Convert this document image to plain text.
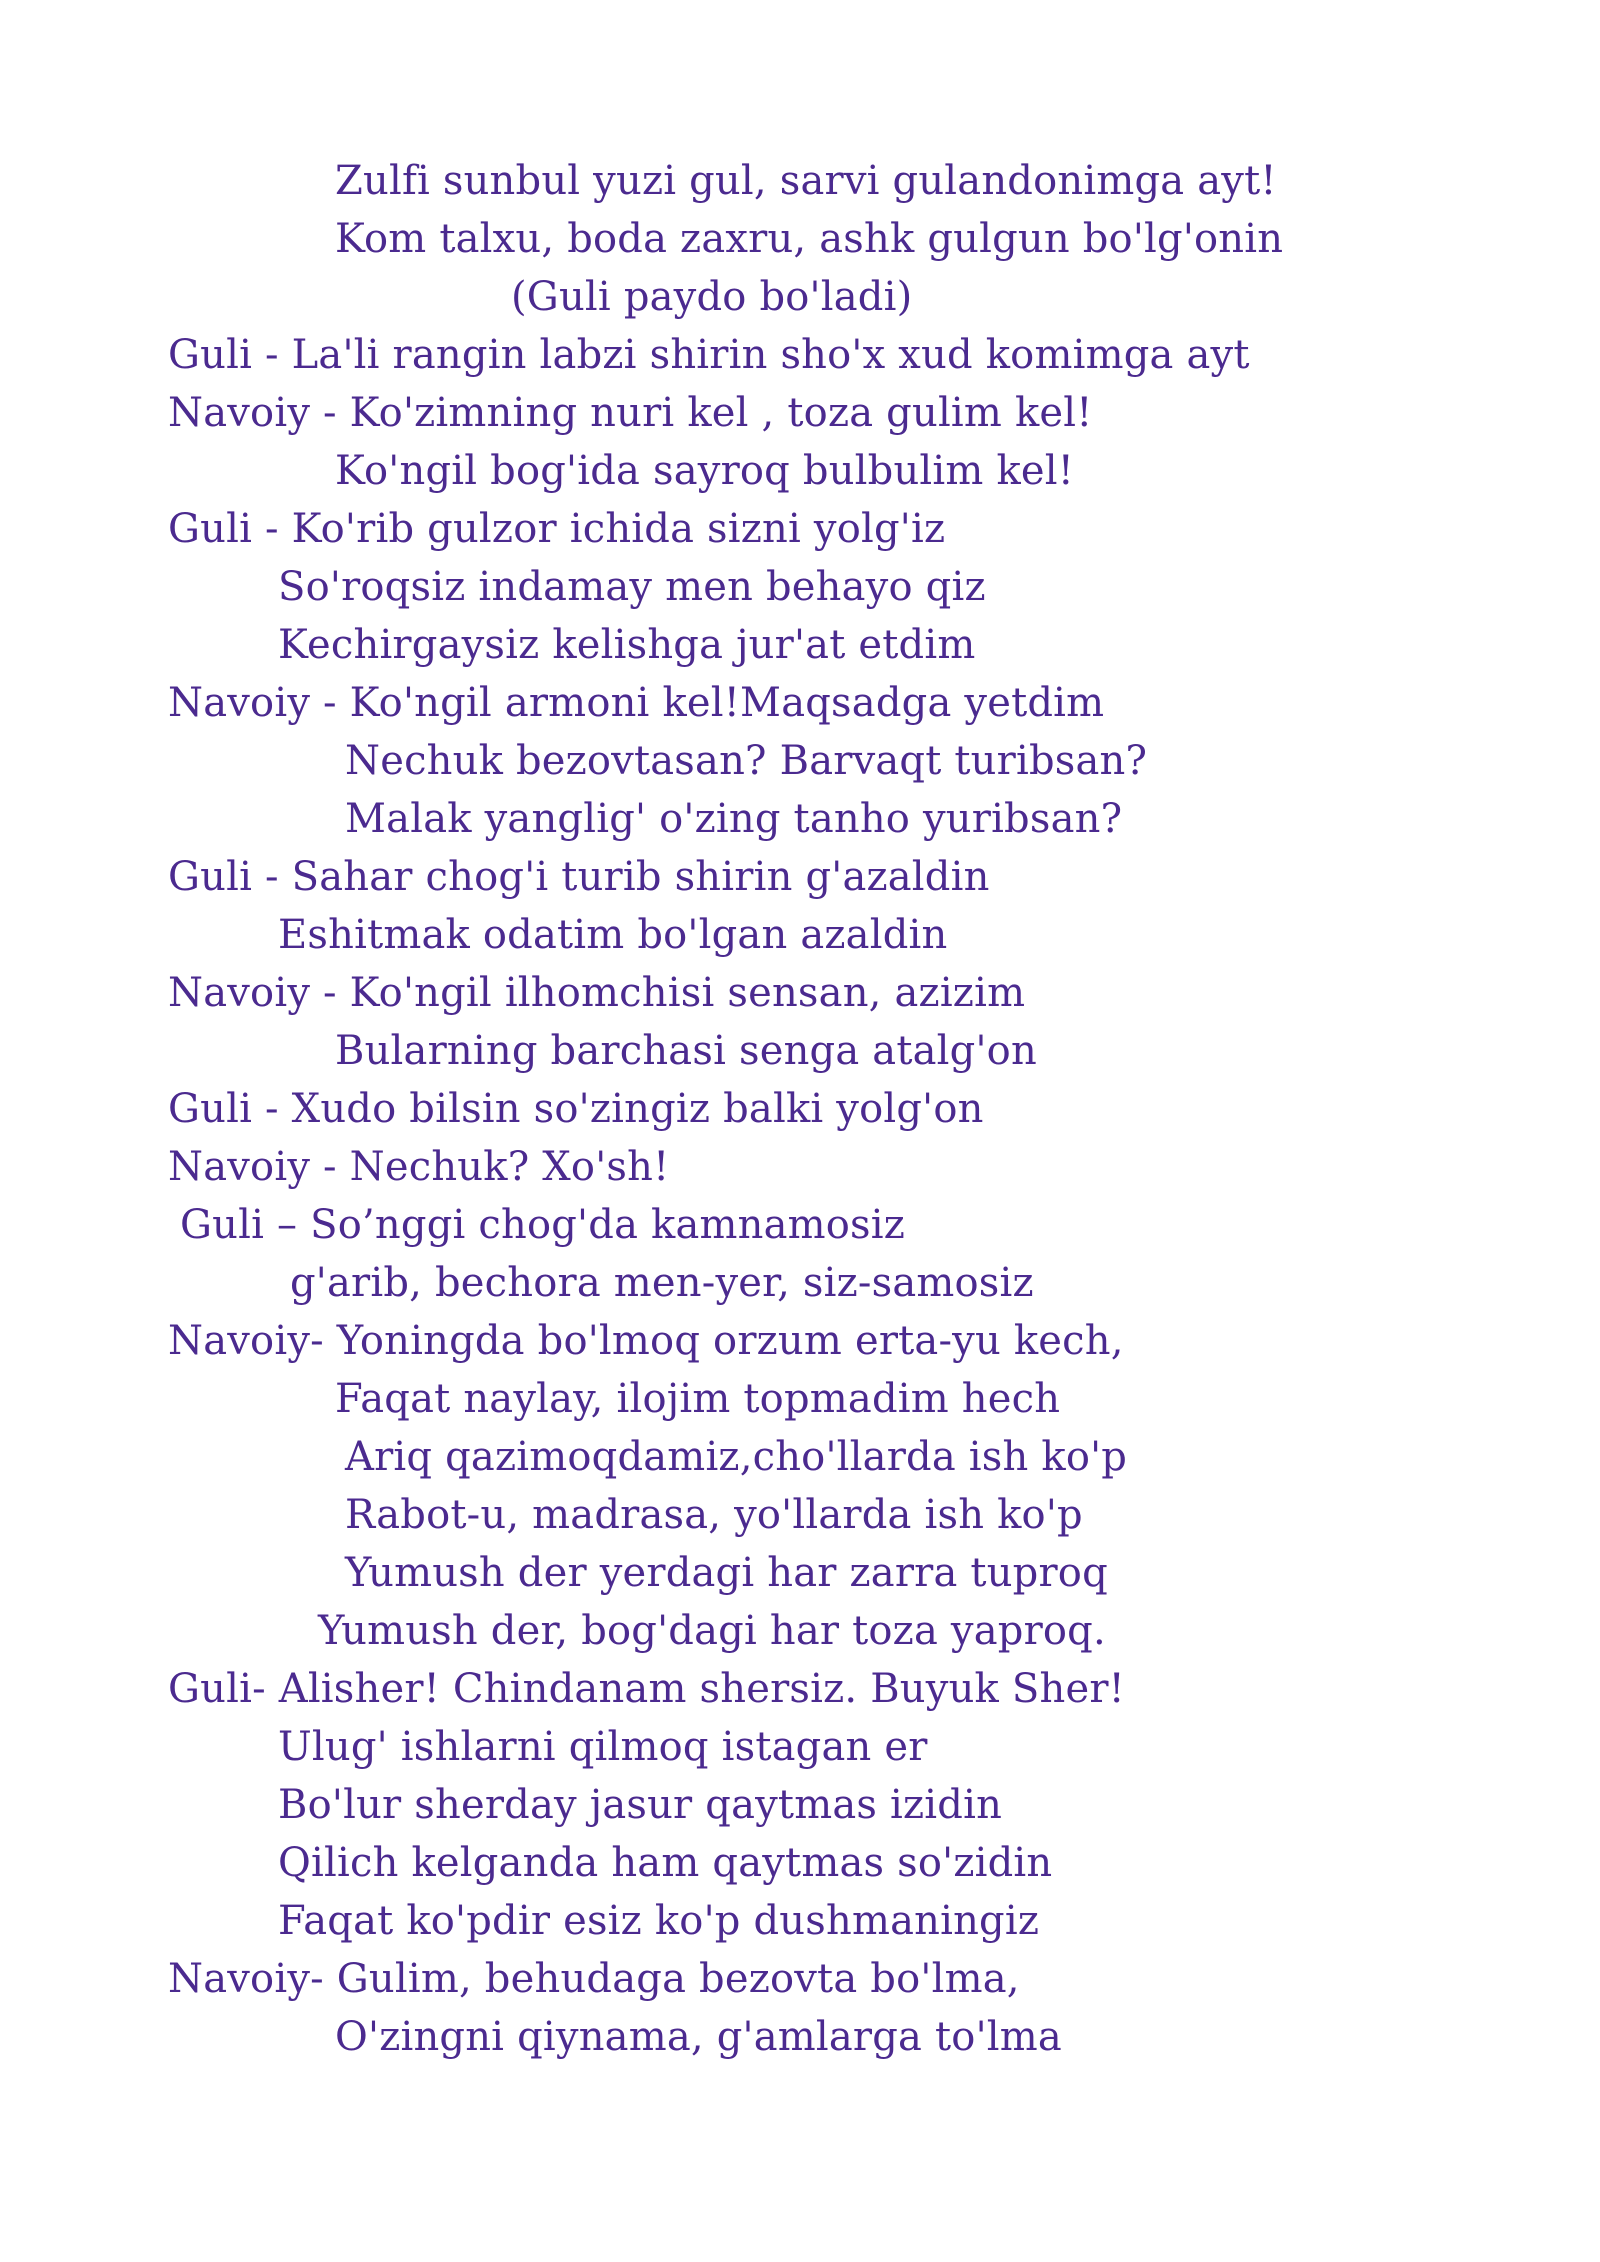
Zulfi sunbul yuzi gul, sarvi gulandonimga ayt!
Kom talxu, boda zaxru, ashk gulgun bo'lg'onin
(Guli paydo bo'ladi)
Guli - La'li rangin labzi shirin sho'x xud komimga ayt
Navoiy - Ko'zimning nuri kel , toza gulim kel!
Ko'ngil bog'ida sayroq bulbulim kel!
Guli - Ko'rib gulzor ichida sizni yolg'iz
So'roqsiz indamay men behayo qiz
Kechirgaysiz kelishga jur'at etdim
Navoiy - Ko'ngil armoni kel!Maqsadga yetdim
Nechuk bezovtasan? Barvaqt turibsan?
Malak yanglig' o'zing tanho yuribsan?
Guli - Sahar chog'i turib shirin g'azaldin
Eshitmak odatim bo'lgan azaldin
Navoiy - Ko'ngil ilhomchisi sensan, azizim
Bularning barchasi senga atalg'on
Guli - Xudo bilsin so'zingiz balki yolg'on
Navoiy - Nechuk? Xo'sh!
Guli – So’nggi chog'da kamnamosiz
g'arib, bechora men-yer, siz-samosiz
Navoiy- Yoningda bo'lmoq orzum erta-yu kech,
Faqat naylay, ilojim topmadim hech
Ariq qazimoqdamiz,cho'llarda ish ko'p
Rabot-u, madrasa, yo'llarda ish ko'p
Yumush der yerdagi har zarra tuproq
Yumush der, bog'dagi har toza yaproq.
Guli- Alisher! Chindanam shersiz. Buyuk Sher!
Ulug' ishlarni qilmoq istagan er
Bo'lur sherday jasur qaytmas izidin
Qilich kelganda ham qaytmas so'zidin
Faqat ko'pdir esiz ko'p dushmaningiz
Navoiy- Gulim, behudaga bezovta bo'lma,
O'zingni qiynama, g'amlarga to'lma
